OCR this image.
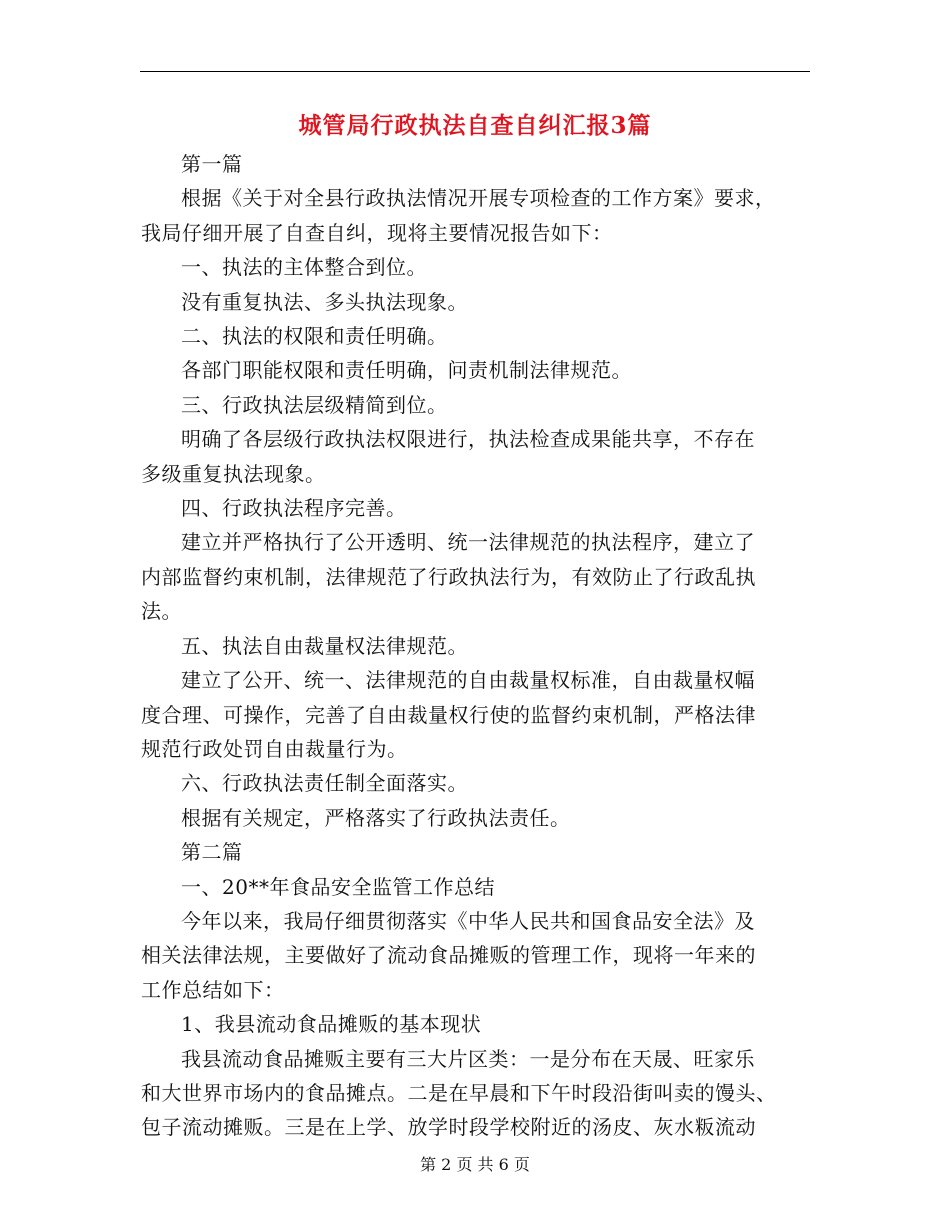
城管局行政执法自查自纠汇报3篇

第一篇

根据《关于对全县行政执法情况开展专项检查的工作方案》要求，
我局仔细开展了自查自纠，现将主要情况报告如下：

一、执法的主体整合到位。

没有重复执法、多头执法现象。

二、执法的权限和责任明确。

各部门职能权限和责任明确，问责机制法律规范。

三、行政执法层级精简到位。

明确了各层级行政执法权限进行，执法检查成果能共享，不存在
多级重复执法现象。

四、行政执法程序完善。

建立并严格执行了公开透明、统一法律规范的执法程序，建立了
内部监督约束机制，法律规范了行政执法行为，有效防止了行政乱执
法。

五、执法自由裁量权法律规范。

建立了公开、统一、法律规范的自由裁量权标准，自由裁量权幅
度合理、可操作，完善了自由裁量权行使的监督约束机制，严格法律
规范行政处罚自由裁量行为。

六、行政执法责任制全面落实。

根据有关规定，严格落实了行政执法责任。

第二篇

一、20**年食品安全监管工作总结

今年以来，我局仔细贯彻落实《中华人民共和国食品安全法》及
相关法律法规，主要做好了流动食品摊贩的管理工作，现将一年来的
工作总结如下：

1、我县流动食品摊贩的基本现状

我县流动食品摊贩主要有三大片区类：一是分布在天晟、旺家乐
和大世界市场内的食品摊点。二是在早晨和下午时段沿街叫卖的馒头、
包子流动摊贩。三是在上学、放学时段学校附近的汤皮、灰水粄流动

第 2 页 共 6 页
